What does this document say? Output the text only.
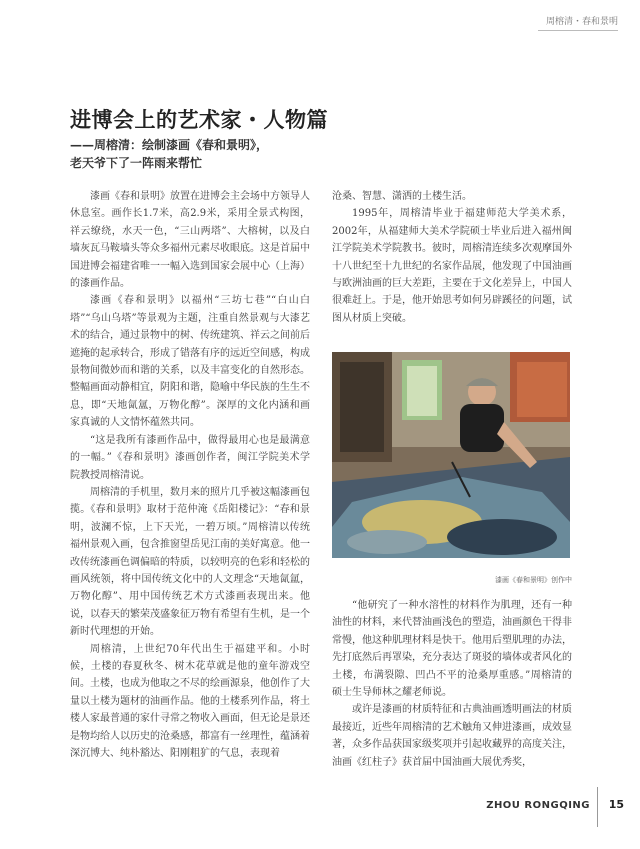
周榕清・春和景明
进博会上的艺术家・人物篇
——周榕清：绘制漆画《春和景明》，
老天爷下了一阵雨来帮忙

漆画《春和景明》放置在进博会主会场中方领导人休息室。画作长1.7米，高2.9米，采用全景式构图，祥云缭绕，水天一色，“三山两塔”、大榕树，以及白墙灰瓦马鞍墙头等众多福州元素尽收眼底。这是首届中国进博会福建省唯一一幅入选到国家会展中心（上海）的漆画作品。

漆画《春和景明》以福州“三坊七巷”“白山白塔”“乌山乌塔”等景观为主题，注重自然景观与大漆艺术的结合，通过景物中的树、传统建筑、祥云之间前后遮掩的起承转合，形成了错落有序的远近空间感，构成景物间微妙而和谐的关系，以及丰富变化的自然形态。整幅画面动静相宜，阴阳和谐，隐喻中华民族的生生不息，即“天地氤氲，万物化醇”。深厚的文化内涵和画家真诚的人文情怀蕴然共同。

“这是我所有漆画作品中，做得最用心也是最满意的一幅。”《春和景明》漆画创作者，闽江学院美术学院教授周榕清说。

周榕清的手机里，数月来的照片几乎被这幅漆画包揽。《春和景明》取材于范仲淹《岳阳楼记》：“春和景明，波澜不惊，上下天光，一碧万顷。”周榕清以传统福州景观入画，包含推窗望岳见江南的美好寓意。他一改传统漆画色调偏暗的特质，以较明亮的色彩和轻松的画风统领，将中国传统文化中的人文理念“天地氤氲，万物化醇”、用中国传统艺术方式漆画表现出来。他说，以春天的繁荣茂盛象征万物有希望有生机，是一个新时代理想的开始。

周榕清，上世纪70年代出生于福建平和。小时候，土楼的春夏秋冬、树木花草就是他的童年游戏空间。土楼，也成为他取之不尽的绘画源泉，他创作了大量以土楼为题材的油画作品。他的土楼系列作品，将土楼人家最普通的家什寻常之物收入画面，但无论是景还是物均给人以历史的沧桑感，都富有一丝理性，蕴涵着深沉博大、纯朴豁达、阳刚粗犷的气息，表现着

沧桑、智慧、潇洒的土楼生活。

1995年，周榕清毕业于福建师范大学美术系，2002年，从福建师大美术学院硕士毕业后进入福州闽江学院美术学院教书。彼时，周榕清连续多次观摩国外十八世纪至十九世纪的名家作品展，他发现了中国油画与欧洲油画的巨大差距，主要在于文化差异上，中国人很难赶上。于是，他开始思考如何另辟蹊径的问题，试图从材质上突破。

漆画《春和景明》创作中

“他研究了一种水溶性的材料作为肌理，还有一种油性的材料，来代替油画浅色的塑造，油画颜色干得非常慢，他这种肌理材料是快干。他用后塑肌理的办法，先打底然后再罩染，充分表达了斑驳的墙体或者风化的土楼，布满裂隙、凹凸不平的沧桑厚重感。”周榕清的硕士生导师林之耀老师说。

或许是漆画的材质特征和古典油画透明画法的材质最接近，近些年周榕清的艺术触角又伸进漆画，成效显著，众多作品获国家级奖项并引起收藏界的高度关注，油画《红柱子》获首届中国油画大展优秀奖，

ZHOU RONGQING 15
